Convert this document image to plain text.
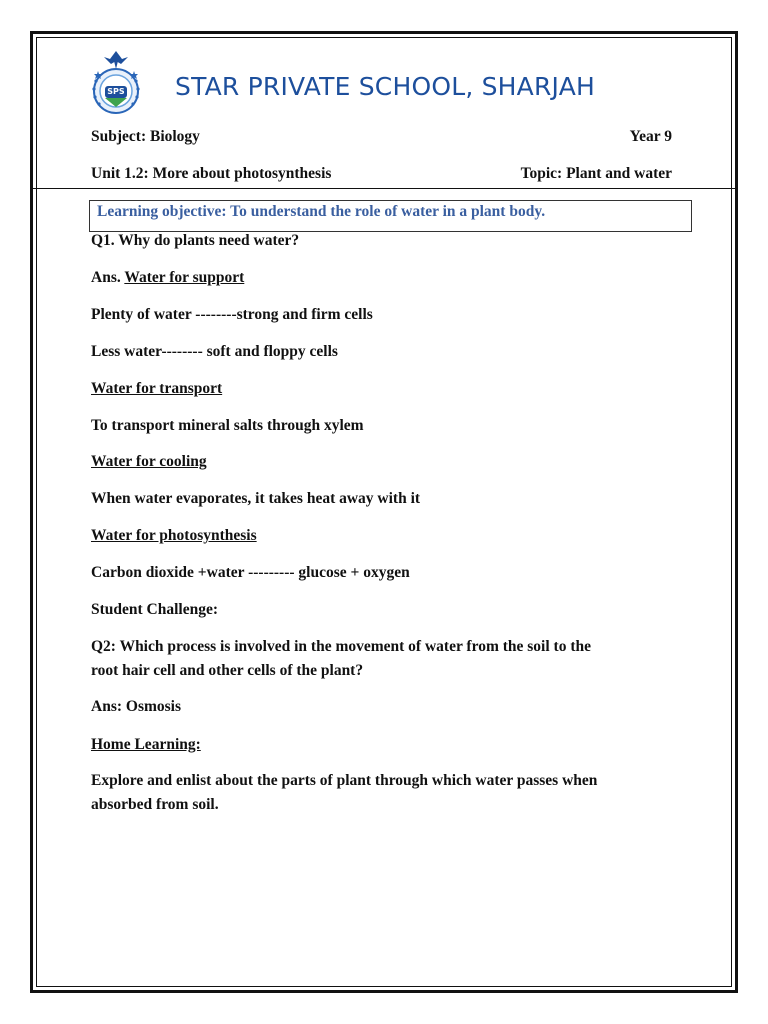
SPS STAR PRIVATE SCHOOL, SHARJAH
Subject: Biology	Year 9
Unit 1.2: More about photosynthesis	Topic: Plant and water
Learning objective: To understand the role of water in a plant body.
Q1. Why do plants need water?
Ans. Water for support
Plenty of water --------strong and firm cells
Less water-------- soft and floppy cells
Water for transport
To transport mineral salts through xylem
Water for cooling
When water evaporates, it takes heat away with it
Water for photosynthesis
Carbon dioxide +water --------- glucose + oxygen
Student Challenge:
Q2: Which process is involved in the movement of water from the soil to the
root hair cell and other cells of the plant?
Ans: Osmosis
Home Learning:
Explore and enlist about the parts of plant through which water passes when
absorbed from soil.
